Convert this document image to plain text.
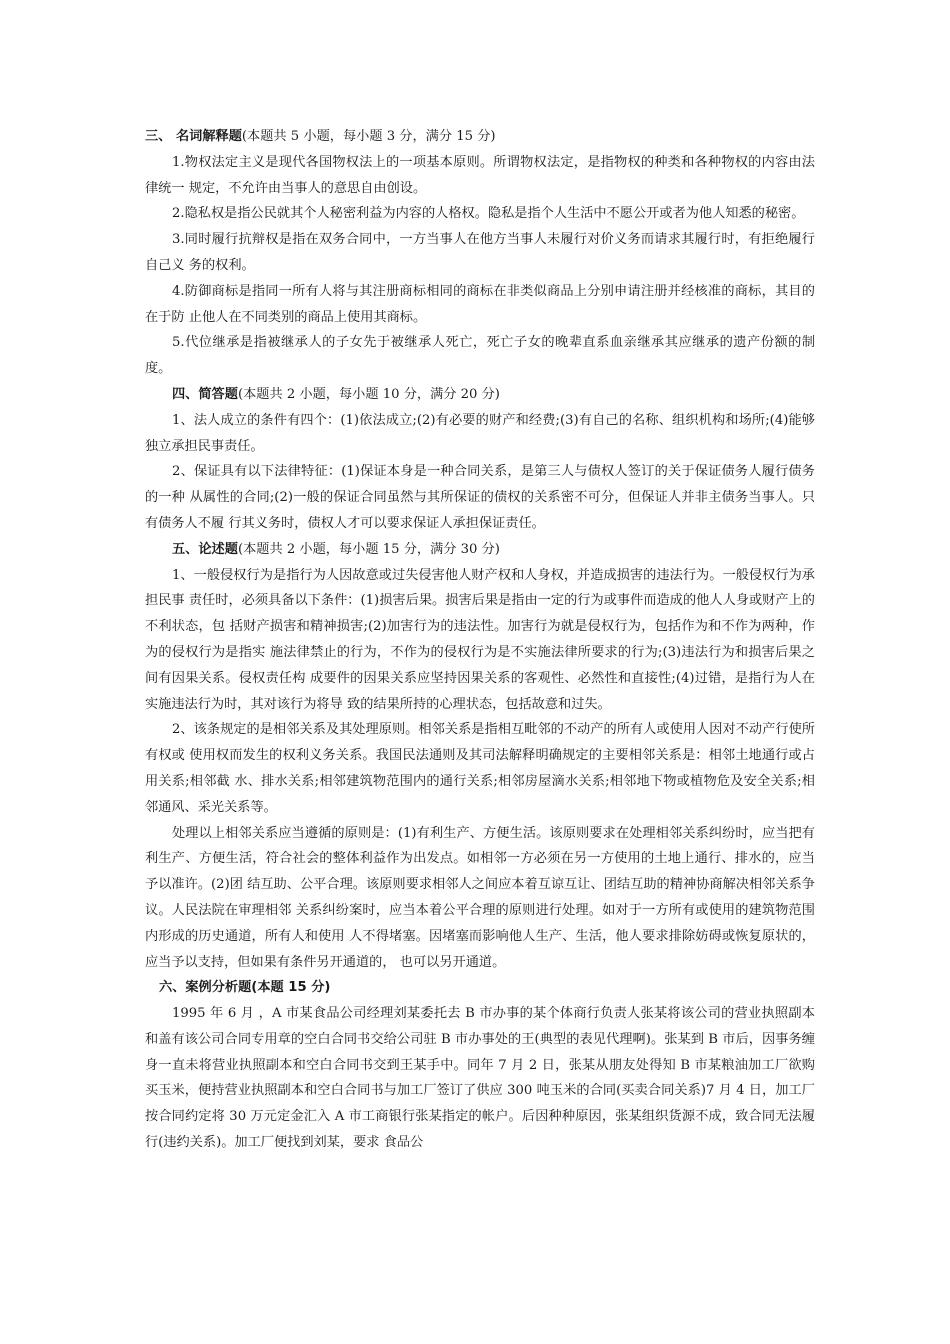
三、 名词解释题(本题共 5 小题，每小题 3 分，满分 15 分)

1.物权法定主义是现代各国物权法上的一项基本原则。所谓物权法定，是指物权的种类和各种物权的内容由法律统一 规定，不允许由当事人的意思自由创设。

2.隐私权是指公民就其个人秘密利益为内容的人格权。隐私是指个人生活中不愿公开或者为他人知悉的秘密。

3.同时履行抗辩权是指在双务合同中，一方当事人在他方当事人未履行对价义务而请求其履行时，有拒绝履行自己义 务的权利。

4.防御商标是指同一所有人将与其注册商标相同的商标在非类似商品上分别申请注册并经核准的商标，其目的在于防 止他人在不同类别的商品上使用其商标。

5.代位继承是指被继承人的子女先于被继承人死亡，死亡子女的晚辈直系血亲继承其应继承的遗产份额的制度。

四、简答题(本题共 2 小题，每小题 10 分，满分 20 分)

1、法人成立的条件有四个：(1)依法成立;(2)有必要的财产和经费;(3)有自己的名称、组织机构和场所;(4)能够独立承担民事责任。

2、保证具有以下法律特征：(1)保证本身是一种合同关系，是第三人与债权人签订的关于保证债务人履行债务的一种 从属性的合同;(2)一般的保证合同虽然与其所保证的债权的关系密不可分，但保证人并非主债务当事人。只有债务人不履 行其义务时，债权人才可以要求保证人承担保证责任。

五、论述题(本题共 2 小题，每小题 15 分，满分 30 分)

1、一般侵权行为是指行为人因故意或过失侵害他人财产权和人身权，并造成损害的违法行为。一般侵权行为承担民事 责任时，必须具备以下条件：(1)损害后果。损害后果是指由一定的行为或事件而造成的他人人身或财产上的不利状态，包 括财产损害和精神损害;(2)加害行为的违法性。加害行为就是侵权行为，包括作为和不作为两种，作为的侵权行为是指实 施法律禁止的行为，不作为的侵权行为是不实施法律所要求的行为;(3)违法行为和损害后果之间有因果关系。侵权责任构 成要件的因果关系应坚持因果关系的客观性、必然性和直接性;(4)过错，是指行为人在实施违法行为时，其对该行为将导 致的结果所持的心理状态，包括故意和过失。

2、该条规定的是相邻关系及其处理原则。相邻关系是指相互毗邻的不动产的所有人或使用人因对不动产行使所有权或 使用权而发生的权利义务关系。我国民法通则及其司法解释明确规定的主要相邻关系是：相邻土地通行或占用关系;相邻截 水、排水关系;相邻建筑物范围内的通行关系;相邻房屋滴水关系;相邻地下物或植物危及安全关系;相邻通风、采光关系等。

处理以上相邻关系应当遵循的原则是：(1)有利生产、方便生活。该原则要求在处理相邻关系纠纷时，应当把有利生产、方便生活，符合社会的整体利益作为出发点。如相邻一方必须在另一方使用的土地上通行、排水的，应当予以准许。(2)团 结互助、公平合理。该原则要求相邻人之间应本着互谅互让、团结互助的精神协商解决相邻关系争议。人民法院在审理相邻 关系纠纷案时，应当本着公平合理的原则进行处理。如对于一方所有或使用的建筑物范围内形成的历史通道，所有人和使用 人不得堵塞。因堵塞而影响他人生产、生活，他人要求排除妨碍或恢复原状的，应当予以支持，但如果有条件另开通道的， 也可以另开通道。

六、案例分析题(本题 15 分)

1995 年 6 月 ，A 市某食品公司经理刘某委托去 B 市办事的某个体商行负责人张某将该公司的营业执照副本和盖有该公司合同专用章的空白合同书交给公司驻 B 市办事处的王(典型的表见代理啊)。张某到 B 市后，因事务缠身一直未将营业执照副本和空白合同书交到王某手中。同年 7 月 2 日，张某从朋友处得知 B 市某粮油加工厂欲购买玉米，便持营业执照副本和空白合同书与加工厂签订了供应 300 吨玉米的合同(买卖合同关系)7 月 4 日，加工厂按合同约定将 30 万元定金汇入 A 市工商银行张某指定的帐户。后因种种原因，张某组织货源不成，致合同无法履行(违约关系)。加工厂便找到刘某，要求 食品公
